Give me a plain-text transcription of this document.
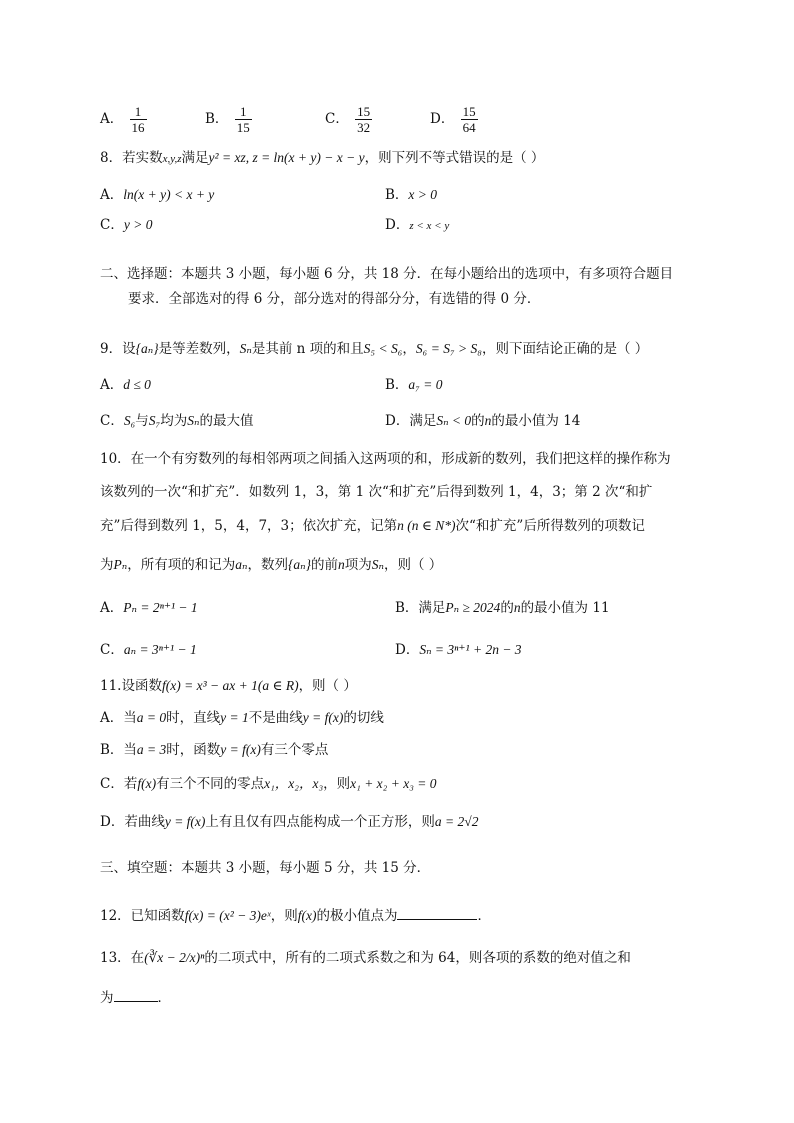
A． $\frac{1}{16}$	B． $\frac{1}{15}$	C． $\frac{15}{32}$	D． $\frac{15}{64}$
8．若实数x,y,z满足y² = xz, z = ln(x + y) − x − y，则下列不等式错误的是（ ）
A．ln(x + y) < x + y	B．x > 0
C．y > 0	D．z < x < y
二、选择题：本题共 3 小题，每小题 6 分，共 18 分．在每小题给出的选项中，有多项符合题目
要求．全部选对的得 6 分，部分选对的得部分分，有选错的得 0 分．
9．设{aₙ}是等差数列，Sₙ是其前 n 项的和且S₅ < S₆，S₆ = S₇ > S₈，则下面结论正确的是（ ）
A．d ≤ 0	B．a₇ = 0
C．S₆与S₇均为Sₙ的最大值	D．满足Sₙ < 0的n的最小值为 14
10．在一个有穷数列的每相邻两项之间插入这两项的和，形成新的数列，我们把这样的操作称为
该数列的一次“和扩充”．如数列 1，3，第 1 次“和扩充”后得到数列 1，4，3；第 2 次“和扩
充”后得到数列 1，5，4，7，3；依次扩充，记第n (n ∈ N*)次“和扩充”后所得数列的项数记
为Pₙ，所有项的和记为aₙ，数列{aₙ}的前n项为Sₙ，则（ ）
A．Pₙ = 2ⁿ⁺¹ − 1	B．满足Pₙ ≥ 2024的n的最小值为 11
C．aₙ = 3ⁿ⁺¹ − 1	D．Sₙ = 3ⁿ⁺¹ + 2n − 3
11.设函数f(x) = x³ − ax + 1(a ∈ R)，则（ ）
A．当a = 0时，直线y = 1不是曲线y = f(x)的切线
B．当a = 3时，函数y = f(x)有三个零点
C．若f(x)有三个不同的零点x₁，x₂，x₃，则x₁ + x₂ + x₃ = 0
D．若曲线y = f(x)上有且仅有四点能构成一个正方形，则a = 2√2
三、填空题：本题共 3 小题，每小题 5 分，共 15 分．
12．已知函数f(x) = (x² − 3)eˣ，则f(x)的极小值点为	．
13．在(∛x − 2/x)ⁿ的二项式中，所有的二项式系数之和为 64，则各项的系数的绝对值之和
为	．
